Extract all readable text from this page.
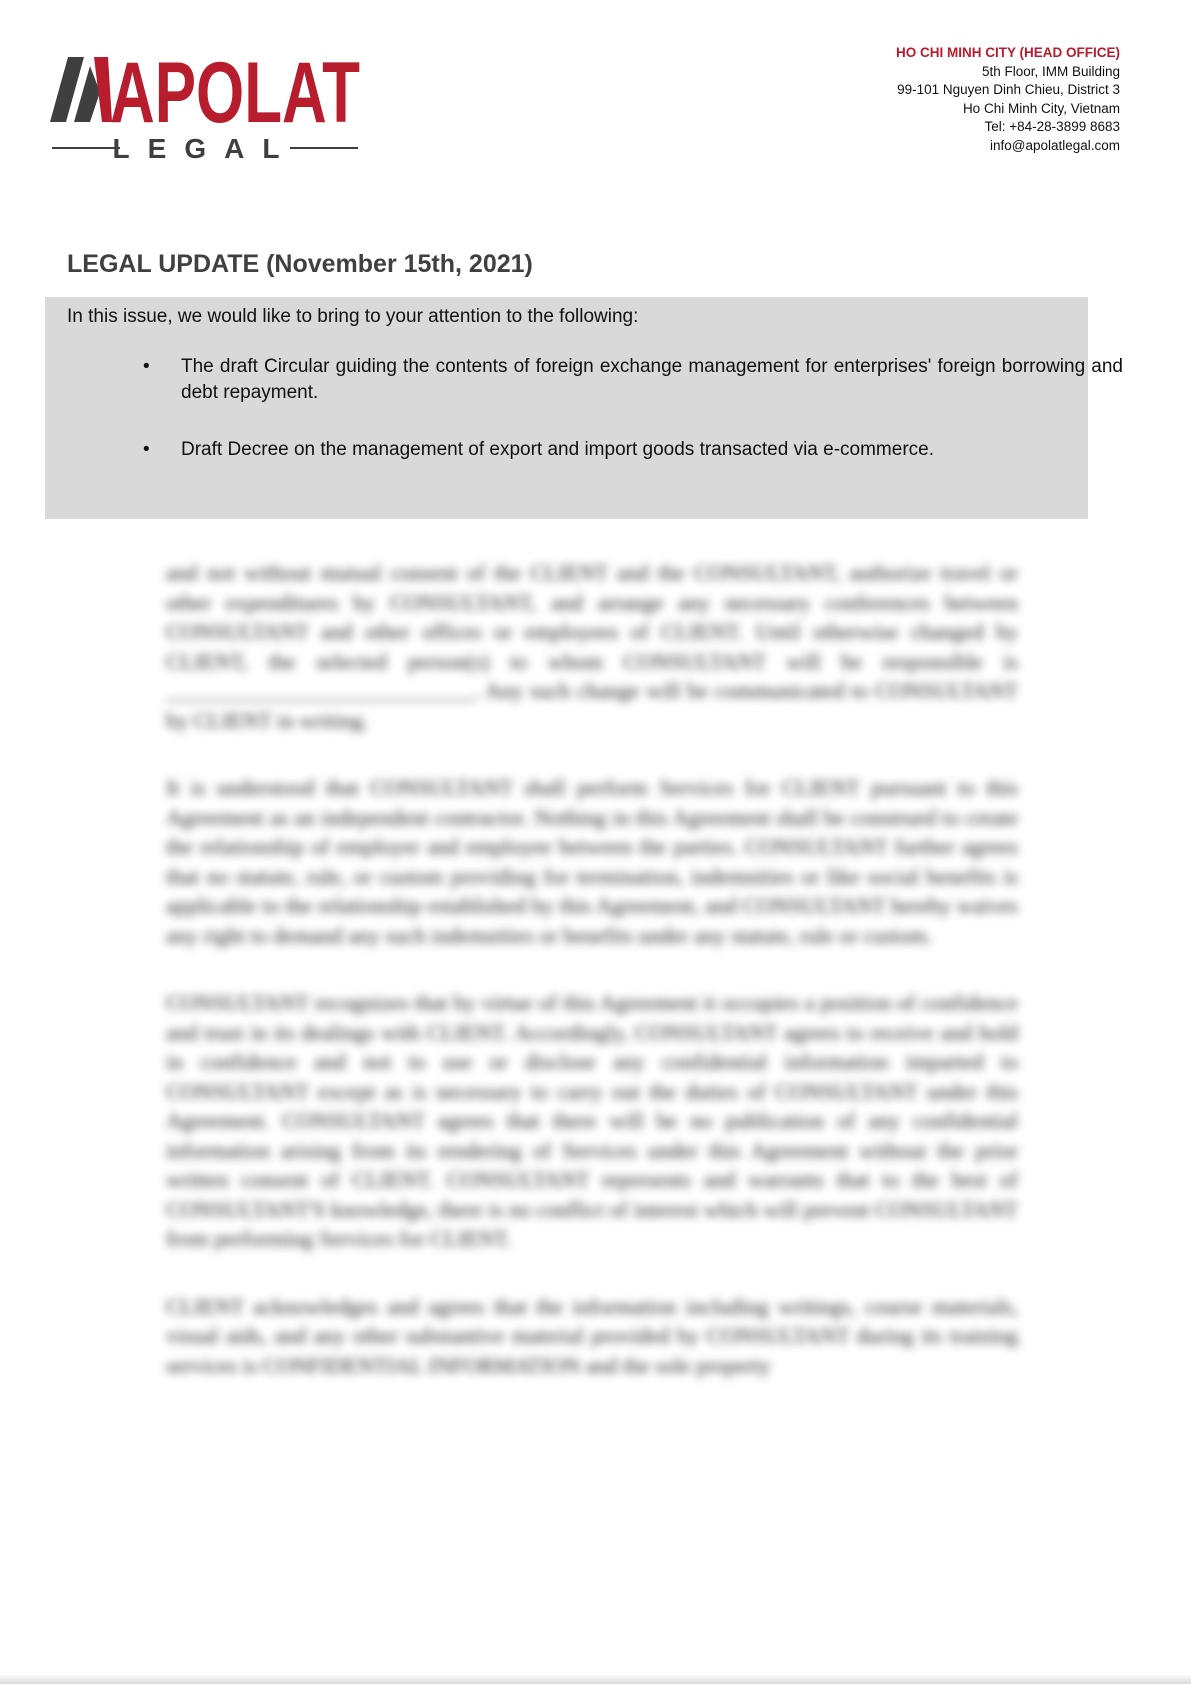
APOLAT
LEGAL
HO CHI MINH CITY (HEAD OFFICE)
5th Floor, IMM Building
99-101 Nguyen Dinh Chieu, District 3
Ho Chi Minh City, Vietnam
Tel: +84-28-3899 8683
info@apolatlegal.com
LEGAL UPDATE (November 15th, 2021)
In this issue, we would like to bring to your attention to the following:
• The draft Circular guiding the contents of foreign exchange management for enterprises' foreign borrowing and debt repayment.
• Draft Decree on the management of export and import goods transacted via e-commerce.

and not without mutual consent of the CLIENT and the CONSULTANT, authorize travel or other expenditures by CONSULTANT, and arrange any necessary conferences between CONSULTANT and other offices or employees of CLIENT. Until otherwise changed by CLIENT, the selected person(s) to whom CONSULTANT will be responsible is ____________________________. Any such change will be communicated to CONSULTANT by CLIENT in writing.

It is understood that CONSULTANT shall perform Services for CLIENT pursuant to this Agreement as an independent contractor. Nothing in this Agreement shall be construed to create the relationship of employer and employee between the parties. CONSULTANT further agrees that no statute, rule, or custom providing for termination, indemnities or like social benefits is applicable to the relationship established by this Agreement, and CONSULTANT hereby waives any right to demand any such indemnities or benefits under any statute, rule or custom.

CONSULTANT recognizes that by virtue of this Agreement it occupies a position of confidence and trust in its dealings with CLIENT. Accordingly, CONSULTANT agrees to receive and hold in confidence and not to use or disclose any confidential information imparted to CONSULTANT except as is necessary to carry out the duties of CONSULTANT under this Agreement. CONSULTANT agrees that there will be no publication of any confidential information arising from its rendering of Services under this Agreement without the prior written consent of CLIENT. CONSULTANT represents and warrants that to the best of CONSULTANT'S knowledge, there is no conflict of interest which will prevent CONSULTANT from performing Services for CLIENT.

CLIENT acknowledges and agrees that the information including writings, course materials, visual aids, and any other substantive material provided by CONSULTANT during its training services is CONFIDENTIAL INFORMATION and the sole property
